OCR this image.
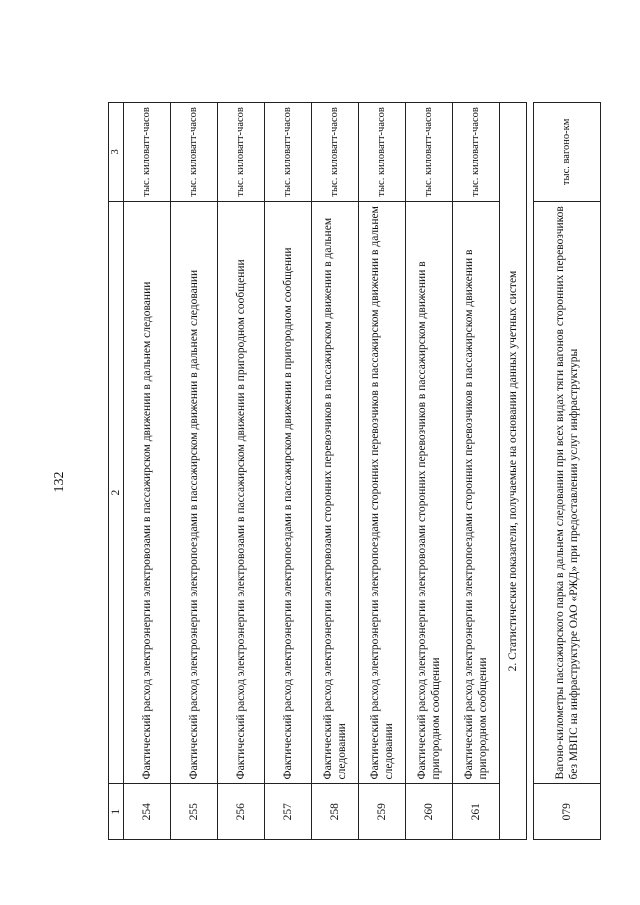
132
1	2	3
254	Фактический расход электроэнергии электровозами в пассажирском движении в дальнем следовании	тыс. киловатт-часов
255	Фактический расход электроэнергии электропоездами в пассажирском движении в дальнем следовании	тыс. киловатт-часов
256	Фактический расход электроэнергии электровозами в пассажирском движении в пригородном сообщении	тыс. киловатт-часов
257	Фактический расход электроэнергии электропоездами в пассажирском движении в пригородном сообщении	тыс. киловатт-часов
258	Фактический расход электроэнергии электровозами сторонних перевозчиков в пассажирском движении в дальнем следовании	тыс. киловатт-часов
259	Фактический расход электроэнергии электропоездами сторонних перевозчиков в пассажирском движении в дальнем следовании	тыс. киловатт-часов
260	Фактический расход электроэнергии электровозами сторонних перевозчиков в пассажирском движении в пригородном сообщении	тыс. киловатт-часов
261	Фактический расход электроэнергии электропоездами сторонних перевозчиков в пассажирском движении в пригородном сообщении	тыс. киловатт-часов
2. Статистические показатели, получаемые на основании данных учетных систем		

079	Вагоно-километры пассажирского парка в дальнем следовании при всех видах тяги вагонов сторонних перевозчиков без МВПС на инфраструктуре ОАО «РЖД» при предоставлении услуг инфраструктуры	тыс. вагоно-км
